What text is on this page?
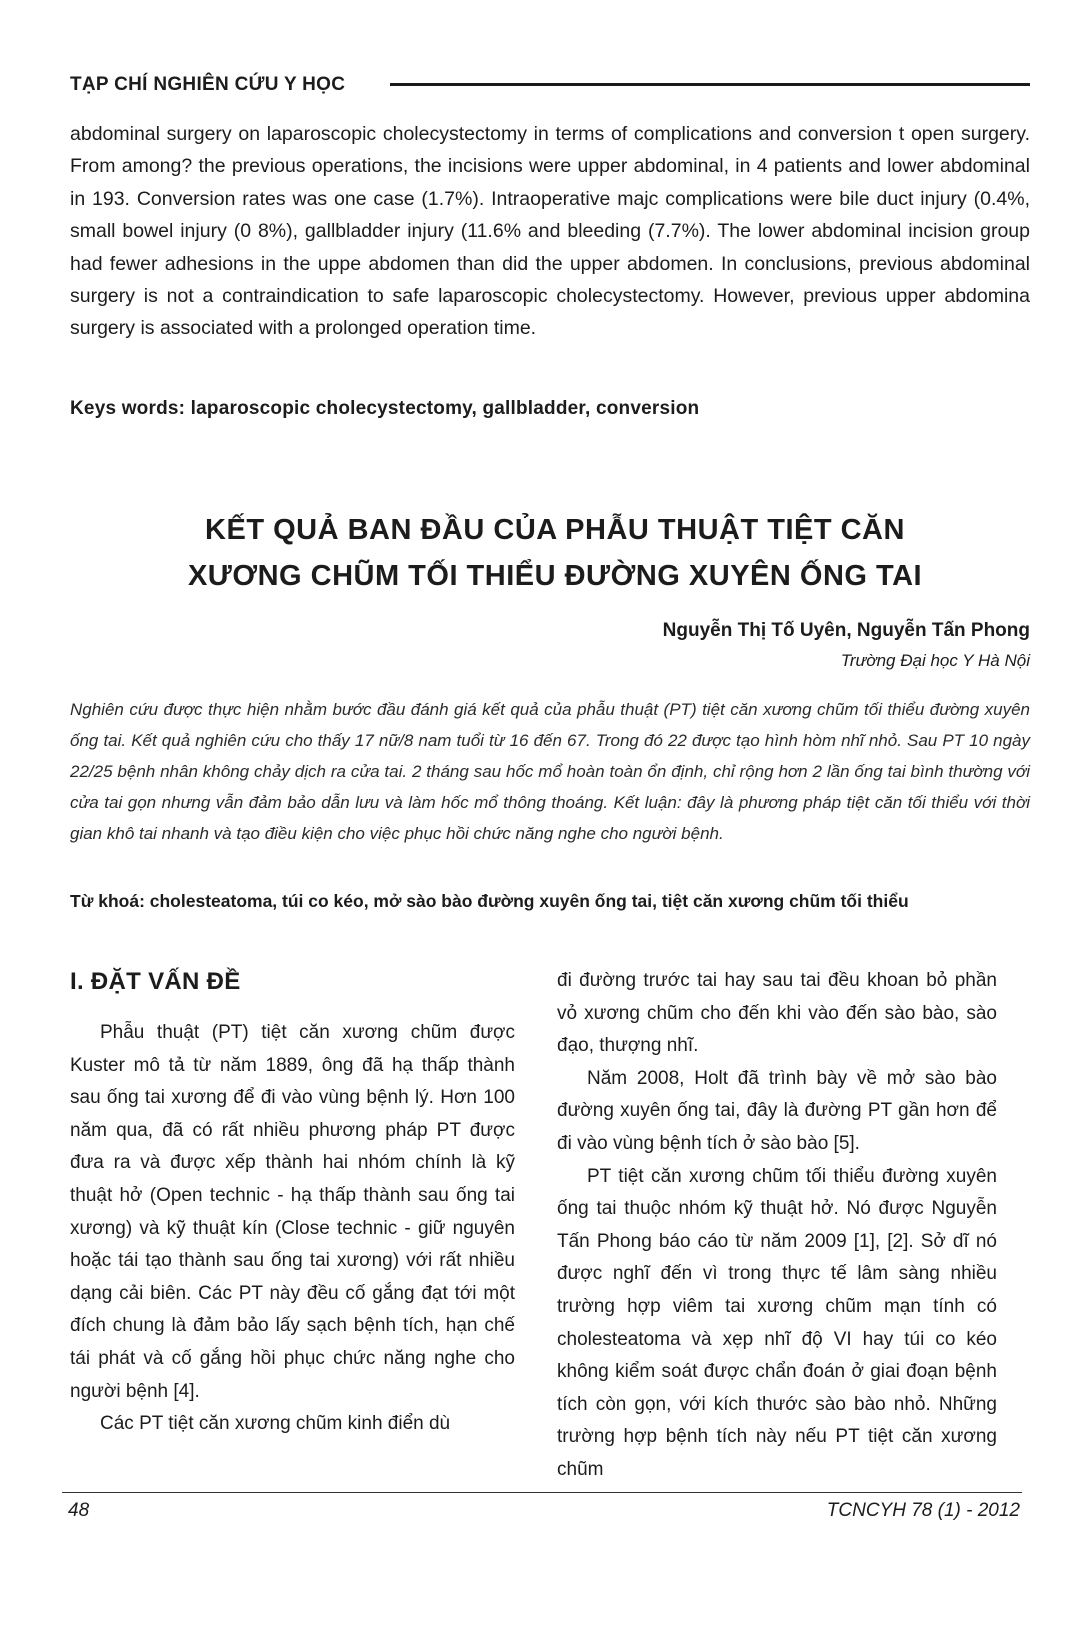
TẠP CHÍ NGHIÊN CỨU Y HỌC

abdominal surgery on laparoscopic cholecystectomy in terms of complications and conversion t open surgery. From among? the previous operations, the incisions were upper abdominal, in 4 patients and lower abdominal in 193. Conversion rates was one case (1.7%). Intraoperative majc complications were bile duct injury (0.4%, small bowel injury (0 8%), gallbladder injury (11.6% and bleeding (7.7%). The lower abdominal incision group had fewer adhesions in the uppe abdomen than did the upper abdomen. In conclusions, previous abdominal surgery is not a contraindication to safe laparoscopic cholecystectomy. However, previous upper abdomina surgery is associated with a prolonged operation time.

Keys words: laparoscopic cholecystectomy, gallbladder, conversion
KẾT QUẢ BAN ĐẦU CỦA PHẪU THUẬT TIỆT CĂN
XƯƠNG CHŨM TỐI THIỂU ĐƯỜNG XUYÊN ỐNG TAI
Nguyễn Thị Tố Uyên, Nguyễn Tấn Phong
Trường Đại học Y Hà Nội

Nghiên cứu được thực hiện nhằm bước đầu đánh giá kết quả của phẫu thuật (PT) tiệt căn xương chũm tối thiểu đường xuyên ống tai. Kết quả nghiên cứu cho thấy 17 nữ/8 nam tuổi từ 16 đến 67. Trong đó 22 được tạo hình hòm nhĩ nhỏ. Sau PT 10 ngày 22/25 bệnh nhân không chảy dịch ra cửa tai. 2 tháng sau hốc mổ hoàn toàn ổn định, chỉ rộng hơn 2 lần ống tai bình thường với cửa tai gọn nhưng vẫn đảm bảo dẫn lưu và làm hốc mổ thông thoáng. Kết luận: đây là phương pháp tiệt căn tối thiểu với thời gian khô tai nhanh và tạo điều kiện cho việc phục hồi chức năng nghe cho người bệnh.

Từ khoá: cholesteatoma, túi co kéo, mở sào bào đường xuyên ống tai, tiệt căn xương chũm tối thiểu
I. ĐẶT VẤN ĐỀ

Phẫu thuật (PT) tiệt căn xương chũm được Kuster mô tả từ năm 1889, ông đã hạ thấp thành sau ống tai xương để đi vào vùng bệnh lý. Hơn 100 năm qua, đã có rất nhiều phương pháp PT được đưa ra và được xếp thành hai nhóm chính là kỹ thuật hở (Open technic - hạ thấp thành sau ống tai xương) và kỹ thuật kín (Close technic - giữ nguyên hoặc tái tạo thành sau ống tai xương) với rất nhiều dạng cải biên. Các PT này đều cố gắng đạt tới một đích chung là đảm bảo lấy sạch bệnh tích, hạn chế tái phát và cố gắng hồi phục chức năng nghe cho người bệnh [4].

Các PT tiệt căn xương chũm kinh điển dù

đi đường trước tai hay sau tai đều khoan bỏ phần vỏ xương chũm cho đến khi vào đến sào bào, sào đạo, thượng nhĩ.

Năm 2008, Holt đã trình bày về mở sào bào đường xuyên ống tai, đây là đường PT gần hơn để đi vào vùng bệnh tích ở sào bào [5].

PT tiệt căn xương chũm tối thiểu đường xuyên ống tai thuộc nhóm kỹ thuật hở. Nó được Nguyễn Tấn Phong báo cáo từ năm 2009 [1], [2]. Sở dĩ nó được nghĩ đến vì trong thực tế lâm sàng nhiều trường hợp viêm tai xương chũm mạn tính có cholesteatoma và xẹp nhĩ độ VI hay túi co kéo không kiểm soát được chẩn đoán ở giai đoạn bệnh tích còn gọn, với kích thước sào bào nhỏ. Những trường hợp bệnh tích này nếu PT tiệt căn xương chũm

48	TCNCYH 78 (1) - 2012
